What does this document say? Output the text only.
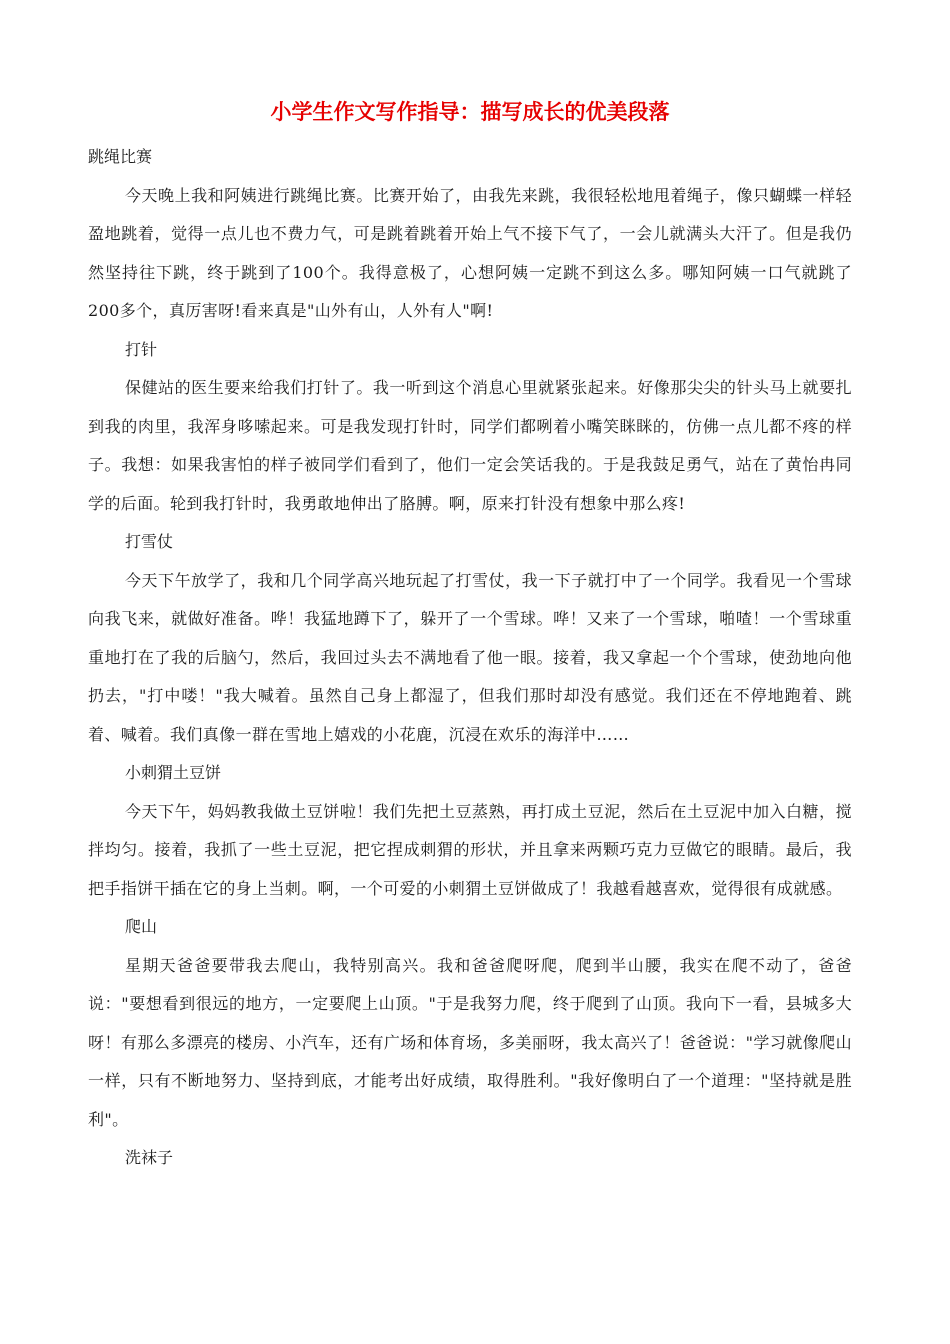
小学生作文写作指导：描写成长的优美段落

跳绳比赛

今天晚上我和阿姨进行跳绳比赛。比赛开始了，由我先来跳，我很轻松地甩着绳子，像只蝴蝶一样轻盈地跳着，觉得一点儿也不费力气，可是跳着跳着开始上气不接下气了，一会儿就满头大汗了。但是我仍然坚持往下跳，终于跳到了100个。我得意极了，心想阿姨一定跳不到这么多。哪知阿姨一口气就跳了200多个，真厉害呀!看来真是"山外有山，人外有人"啊!

打针

保健站的医生要来给我们打针了。我一听到这个消息心里就紧张起来。好像那尖尖的针头马上就要扎到我的肉里，我浑身哆嗦起来。可是我发现打针时，同学们都咧着小嘴笑眯眯的，仿佛一点儿都不疼的样子。我想：如果我害怕的样子被同学们看到了，他们一定会笑话我的。于是我鼓足勇气，站在了黄怡冉同学的后面。轮到我打针时，我勇敢地伸出了胳膊。啊，原来打针没有想象中那么疼!

打雪仗

今天下午放学了，我和几个同学高兴地玩起了打雪仗，我一下子就打中了一个同学。我看见一个雪球向我飞来，就做好准备。哗！我猛地蹲下了，躲开了一个雪球。哗！又来了一个雪球，啪喳！一个雪球重重地打在了我的后脑勺，然后，我回过头去不满地看了他一眼。接着，我又拿起一个个雪球，使劲地向他扔去，"打中喽！"我大喊着。虽然自己身上都湿了，但我们那时却没有感觉。我们还在不停地跑着、跳着、喊着。我们真像一群在雪地上嬉戏的小花鹿，沉浸在欢乐的海洋中……

小刺猬土豆饼

今天下午，妈妈教我做土豆饼啦！我们先把土豆蒸熟，再打成土豆泥，然后在土豆泥中加入白糖，搅拌均匀。接着，我抓了一些土豆泥，把它捏成刺猬的形状，并且拿来两颗巧克力豆做它的眼睛。最后，我把手指饼干插在它的身上当刺。啊，一个可爱的小刺猬土豆饼做成了！我越看越喜欢，觉得很有成就感。

爬山

星期天爸爸要带我去爬山，我特别高兴。我和爸爸爬呀爬，爬到半山腰，我实在爬不动了，爸爸说："要想看到很远的地方，一定要爬上山顶。"于是我努力爬，终于爬到了山顶。我向下一看，县城多大呀！有那么多漂亮的楼房、小汽车，还有广场和体育场，多美丽呀，我太高兴了！爸爸说："学习就像爬山一样，只有不断地努力、坚持到底，才能考出好成绩，取得胜利。"我好像明白了一个道理："坚持就是胜利"。

洗袜子
